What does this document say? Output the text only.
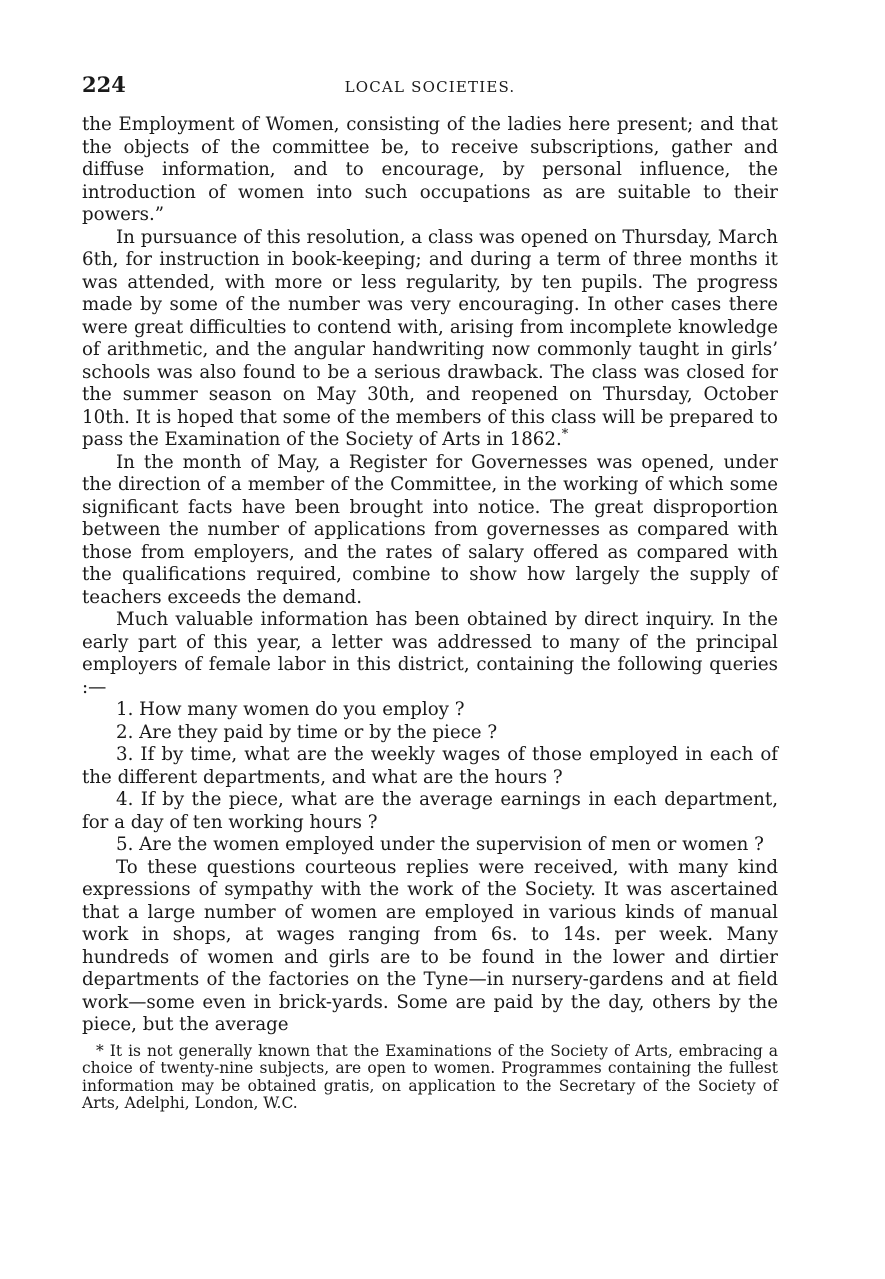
224	LOCAL SOCIETIES.

the Employment of Women, consisting of the ladies here present; and that the objects of the committee be, to receive subscriptions, gather and diffuse information, and to encourage, by personal influence, the introduction of women into such occupations as are suitable to their powers.”

In pursuance of this resolution, a class was opened on Thursday, March 6th, for instruction in book-keeping; and during a term of three months it was attended, with more or less regularity, by ten pupils. The progress made by some of the number was very encouraging. In other cases there were great difficulties to contend with, arising from incomplete knowledge of arithmetic, and the angular handwriting now commonly taught in girls’ schools was also found to be a serious drawback. The class was closed for the summer season on May 30th, and reopened on Thursday, October 10th. It is hoped that some of the members of this class will be prepared to pass the Examination of the Society of Arts in 1862.*

In the month of May, a Register for Governesses was opened, under the direction of a member of the Committee, in the working of which some significant facts have been brought into notice. The great disproportion between the number of applications from governesses as compared with those from employers, and the rates of salary offered as compared with the qualifications required, combine to show how largely the supply of teachers exceeds the demand.

Much valuable information has been obtained by direct inquiry. In the early part of this year, a letter was addressed to many of the principal employers of female labor in this district, containing the following queries :—

1. How many women do you employ ?

2. Are they paid by time or by the piece ?

3. If by time, what are the weekly wages of those employed in each of the different departments, and what are the hours ?

4. If by the piece, what are the average earnings in each department, for a day of ten working hours ?

5. Are the women employed under the supervision of men or women ?

To these questions courteous replies were received, with many kind expressions of sympathy with the work of the Society. It was ascertained that a large number of women are employed in various kinds of manual work in shops, at wages ranging from 6s. to 14s. per week. Many hundreds of women and girls are to be found in the lower and dirtier departments of the factories on the Tyne—in nursery-gardens and at field work—some even in brick-yards. Some are paid by the day, others by the piece, but the average

* It is not generally known that the Examinations of the Society of Arts, embracing a choice of twenty-nine subjects, are open to women. Programmes containing the fullest information may be obtained gratis, on application to the Secretary of the Society of Arts, Adelphi, London, W.C.
